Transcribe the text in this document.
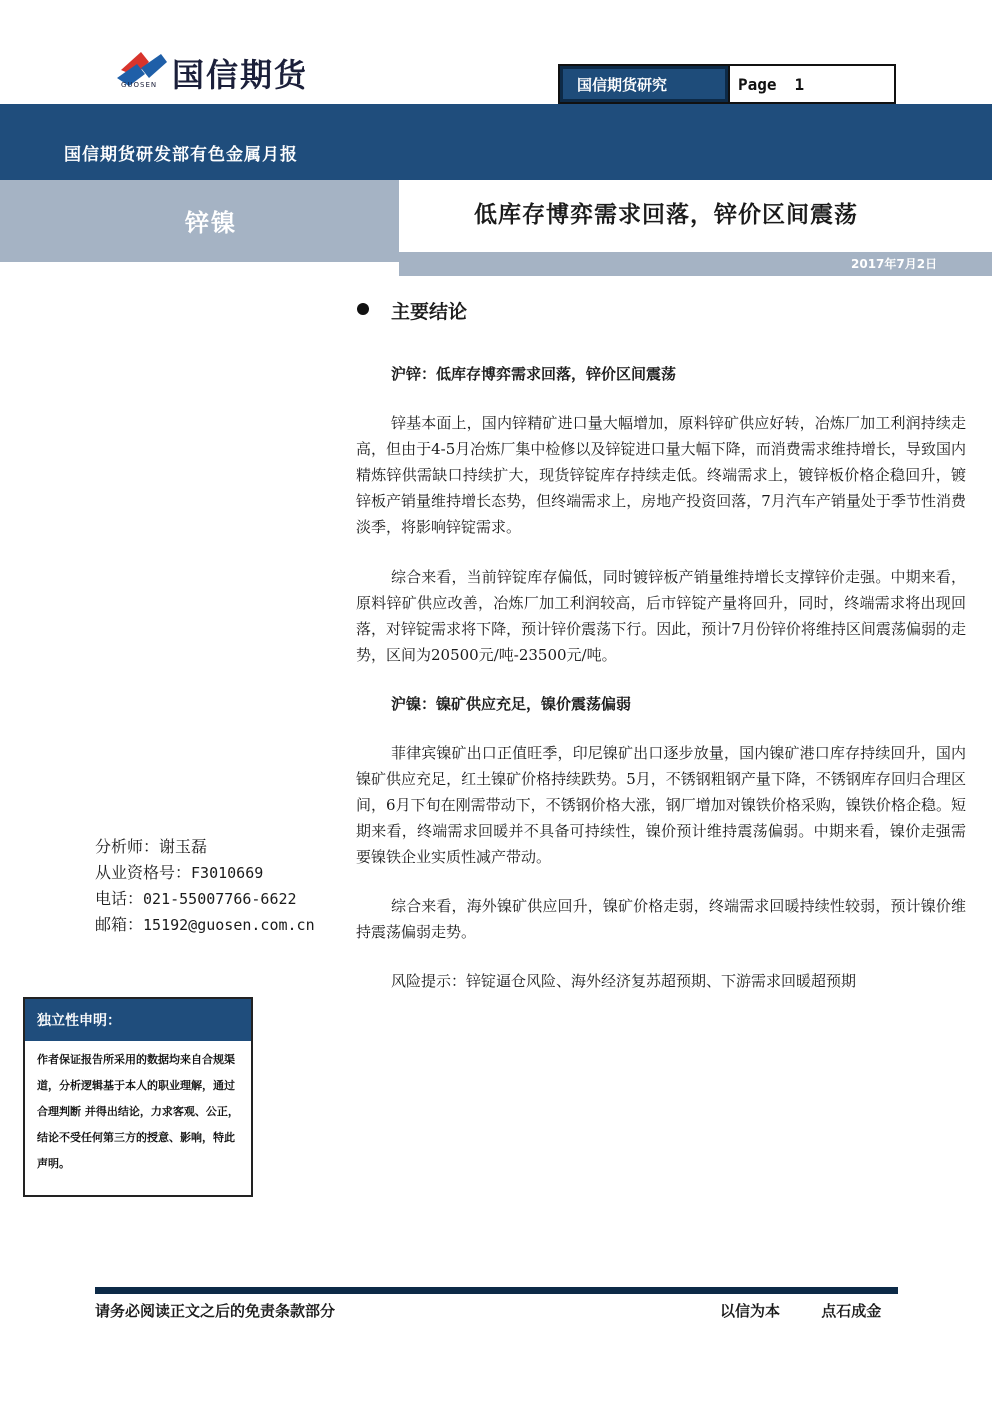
国信期货
GUOSEN	国信期货研究	Page 1
国信期货研发部有色金属月报
锌镍	低库存博弈需求回落，锌价区间震荡
2017年7月2日
主要结论
沪锌：低库存博弈需求回落，锌价区间震荡

锌基本面上，国内锌精矿进口量大幅增加，原料锌矿供应好转，冶炼厂加工利润持续走高，但由于4-5月冶炼厂集中检修以及锌锭进口量大幅下降，而消费需求维持增长，导致国内精炼锌供需缺口持续扩大，现货锌锭库存持续走低。终端需求上，镀锌板价格企稳回升，镀锌板产销量维持增长态势，但终端需求上，房地产投资回落，7月汽车产销量处于季节性消费淡季，将影响锌锭需求。

综合来看，当前锌锭库存偏低，同时镀锌板产销量维持增长支撑锌价走强。中期来看，原料锌矿供应改善，冶炼厂加工利润较高，后市锌锭产量将回升，同时，终端需求将出现回落，对锌锭需求将下降，预计锌价震荡下行。因此，预计7月份锌价将维持区间震荡偏弱的走势，区间为20500元/吨-23500元/吨。

沪镍：镍矿供应充足，镍价震荡偏弱

菲律宾镍矿出口正值旺季，印尼镍矿出口逐步放量，国内镍矿港口库存持续回升，国内镍矿供应充足，红土镍矿价格持续跌势。5月，不锈钢粗钢产量下降，不锈钢库存回归合理区间，6月下旬在刚需带动下，不锈钢价格大涨，钢厂增加对镍铁价格采购，镍铁价格企稳。短期来看，终端需求回暖并不具备可持续性，镍价预计维持震荡偏弱。中期来看，镍价走强需要镍铁企业实质性减产带动。

综合来看，海外镍矿供应回升，镍矿价格走弱，终端需求回暖持续性较弱，预计镍价维持震荡偏弱走势。

风险提示：锌锭逼仓风险、海外经济复苏超预期、下游需求回暖超预期
分析师：谢玉磊
从业资格号：F3010669
电话：021-55007766-6622
邮箱：15192@guosen.com.cn
独立性申明：
作者保证报告所采用的数据均来自合规渠道，分析逻辑基于本人的职业理解，通过合理判断 并得出结论，力求客观、公正，结论不受任何第三方的授意、影响，特此声明。
请务必阅读正文之后的免责条款部分	以信为本	点石成金
